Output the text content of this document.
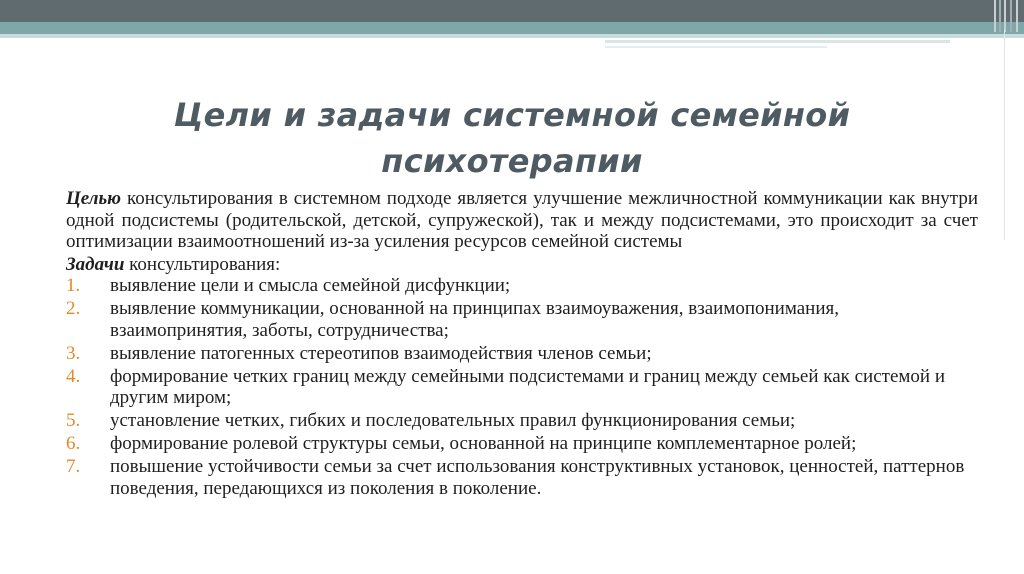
Цели и задачи системной семейной психотерапии

Целью консультирования в системном подходе является улучшение межличностной коммуникации как внутри одной подсистемы (родительской, детской, супружеской), так и между подсистемами, это происходит за счет оптимизации взаимоотношений из-за усиления ресурсов семейной системы

Задачи консультирования:

1. выявление цели и смысла семейной дисфункции;
2. выявление коммуникации, основанной на принципах взаимоуважения, взаимопонимания, взаимопринятия, заботы, сотрудничества;
3. выявление патогенных стереотипов взаимодействия членов семьи;
4. формирование четких границ между семейными подсистемами и границ между семьей как системой и другим миром;
5. установление четких, гибких и последовательных правил функционирования семьи;
6. формирование ролевой структуры семьи, основанной на принципе комплементарное ролей;
7. повышение устойчивости семьи за счет использования конструктивных установок, ценностей, паттернов поведения, передающихся из поколения в поколение.
